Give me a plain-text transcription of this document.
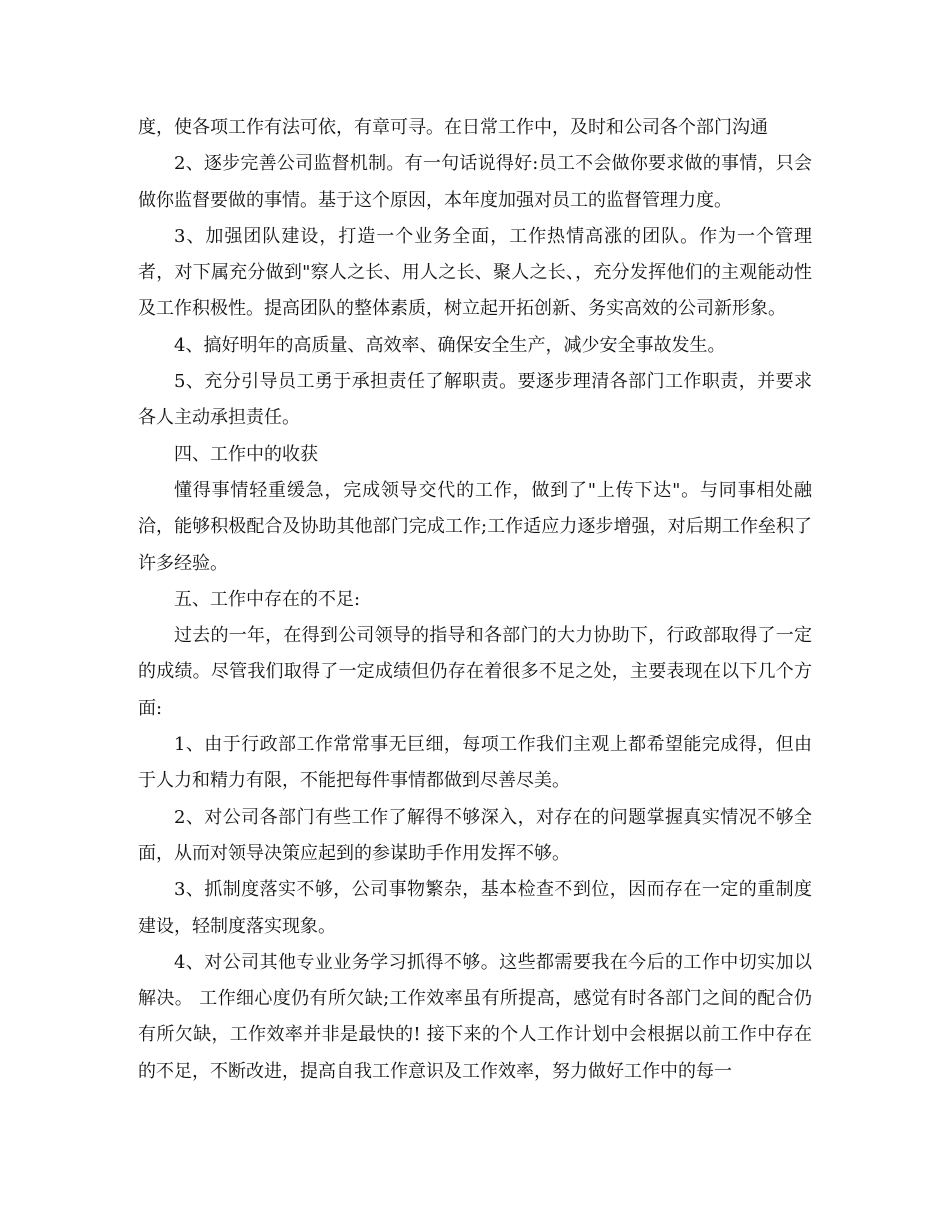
度，使各项工作有法可依，有章可寻。在日常工作中，及时和公司各个部门沟通

2、逐步完善公司监督机制。有一句话说得好:员工不会做你要求做的事情，只会做你监督要做的事情。基于这个原因，本年度加强对员工的监督管理力度。

3、加强团队建设，打造一个业务全面，工作热情高涨的团队。作为一个管理者，对下属充分做到"察人之长、用人之长、聚人之长、，充分发挥他们的主观能动性及工作积极性。提高团队的整体素质，树立起开拓创新、务实高效的公司新形象。

4、搞好明年的高质量、高效率、确保安全生产，减少安全事故发生。

5、充分引导员工勇于承担责任了解职责。要逐步理清各部门工作职责，并要求各人主动承担责任。

四、工作中的收获

懂得事情轻重缓急，完成领导交代的工作，做到了"上传下达"。与同事相处融洽，能够积极配合及协助其他部门完成工作;工作适应力逐步增强，对后期工作垒积了许多经验。

五、工作中存在的不足:

过去的一年，在得到公司领导的指导和各部门的大力协助下，行政部取得了一定的成绩。尽管我们取得了一定成绩但仍存在着很多不足之处，主要表现在以下几个方面:

1、由于行政部工作常常事无巨细，每项工作我们主观上都希望能完成得，但由于人力和精力有限，不能把每件事情都做到尽善尽美。

2、对公司各部门有些工作了解得不够深入，对存在的问题掌握真实情况不够全面，从而对领导决策应起到的参谋助手作用发挥不够。

3、抓制度落实不够，公司事物繁杂，基本检查不到位，因而存在一定的重制度建设，轻制度落实现象。

4、对公司其他专业业务学习抓得不够。这些都需要我在今后的工作中切实加以解决。 工作细心度仍有所欠缺;工作效率虽有所提高，感觉有时各部门之间的配合仍有所欠缺，工作效率并非是最快的! 接下来的个人工作计划中会根据以前工作中存在的不足，不断改进，提高自我工作意识及工作效率，努力做好工作中的每一
